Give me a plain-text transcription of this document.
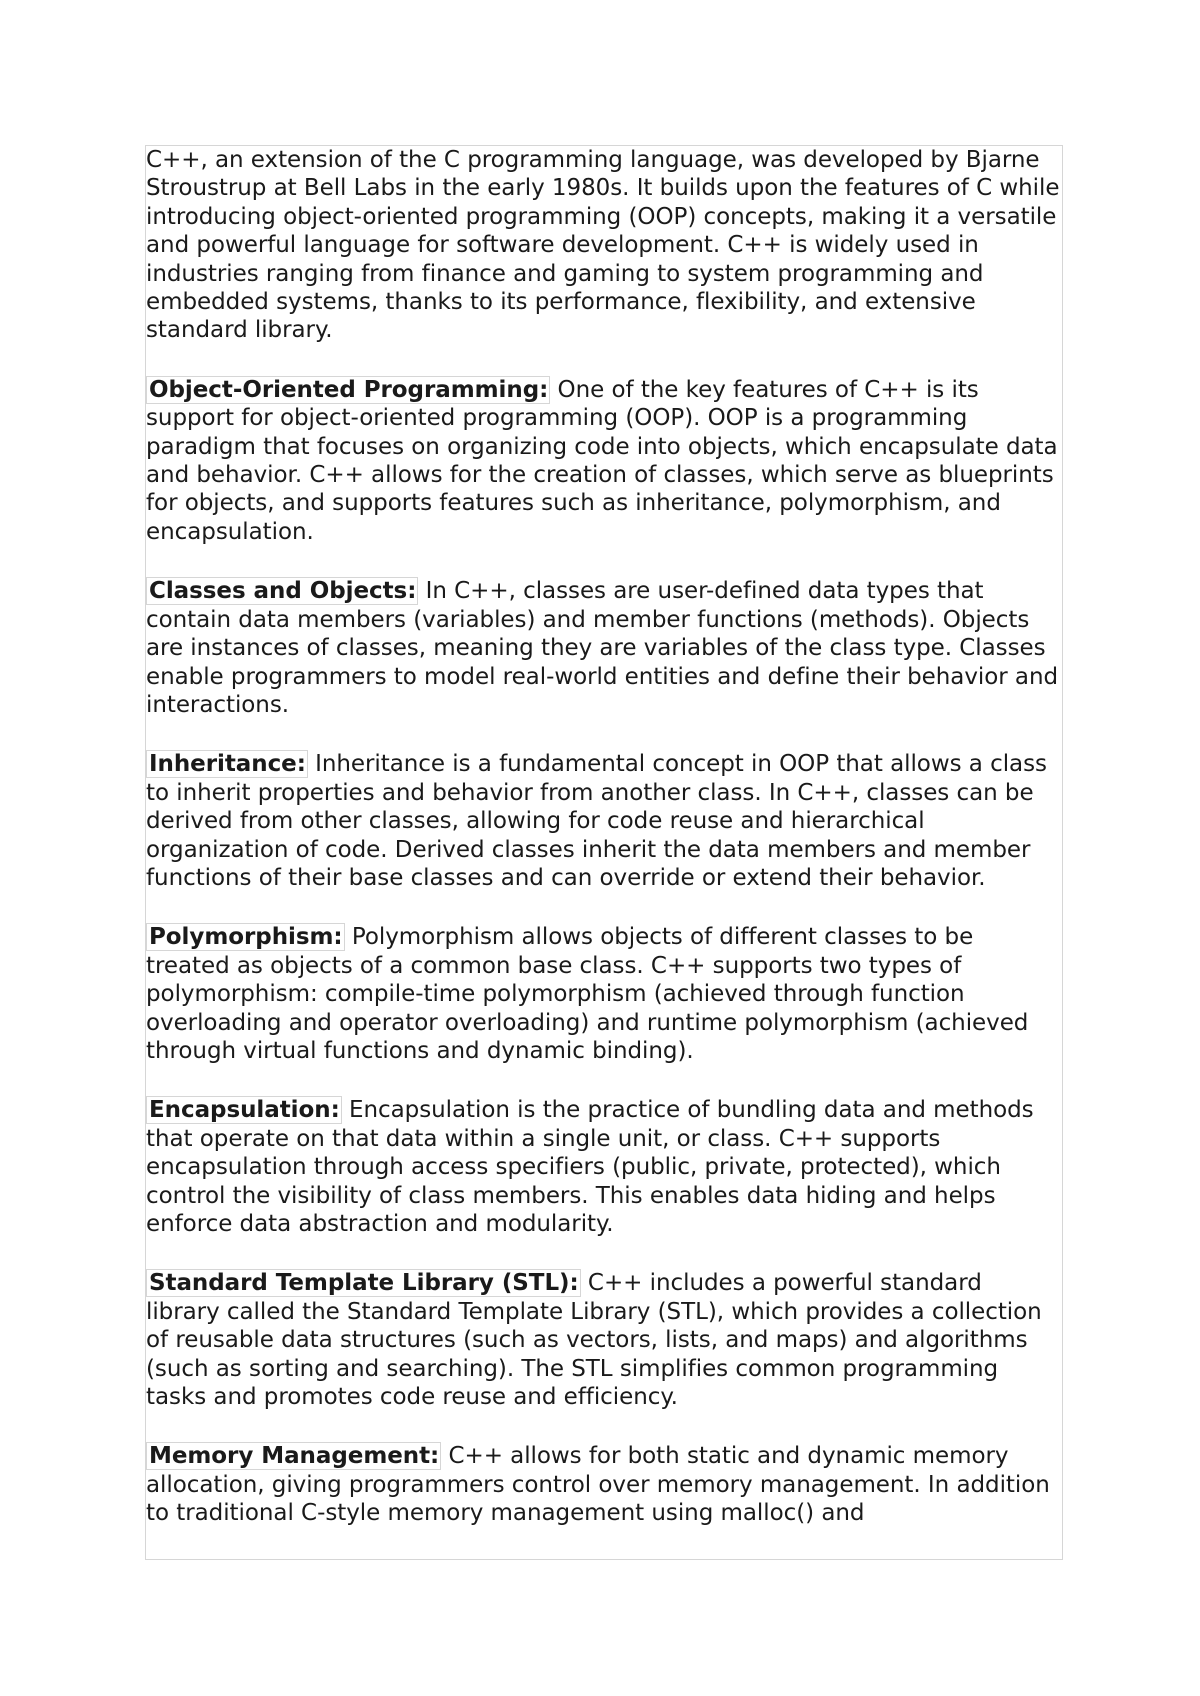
C++, an extension of the C programming language, was developed by Bjarne Stroustrup at Bell Labs in the early 1980s. It builds upon the features of C while introducing object-oriented programming (OOP) concepts, making it a versatile and powerful language for software development. C++ is widely used in industries ranging from finance and gaming to system programming and embedded systems, thanks to its performance, flexibility, and extensive standard library.

Object-Oriented Programming: One of the key features of C++ is its support for object-oriented programming (OOP). OOP is a programming paradigm that focuses on organizing code into objects, which encapsulate data and behavior. C++ allows for the creation of classes, which serve as blueprints for objects, and supports features such as inheritance, polymorphism, and encapsulation.

Classes and Objects: In C++, classes are user-defined data types that contain data members (variables) and member functions (methods). Objects are instances of classes, meaning they are variables of the class type. Classes enable programmers to model real-world entities and define their behavior and interactions.

Inheritance: Inheritance is a fundamental concept in OOP that allows a class to inherit properties and behavior from another class. In C++, classes can be derived from other classes, allowing for code reuse and hierarchical organization of code. Derived classes inherit the data members and member functions of their base classes and can override or extend their behavior.

Polymorphism: Polymorphism allows objects of different classes to be treated as objects of a common base class. C++ supports two types of polymorphism: compile-time polymorphism (achieved through function overloading and operator overloading) and runtime polymorphism (achieved through virtual functions and dynamic binding).

Encapsulation: Encapsulation is the practice of bundling data and methods that operate on that data within a single unit, or class. C++ supports encapsulation through access specifiers (public, private, protected), which control the visibility of class members. This enables data hiding and helps enforce data abstraction and modularity.

Standard Template Library (STL): C++ includes a powerful standard library called the Standard Template Library (STL), which provides a collection of reusable data structures (such as vectors, lists, and maps) and algorithms (such as sorting and searching). The STL simplifies common programming tasks and promotes code reuse and efficiency.

Memory Management: C++ allows for both static and dynamic memory allocation, giving programmers control over memory management. In addition to traditional C-style memory management using malloc() and
